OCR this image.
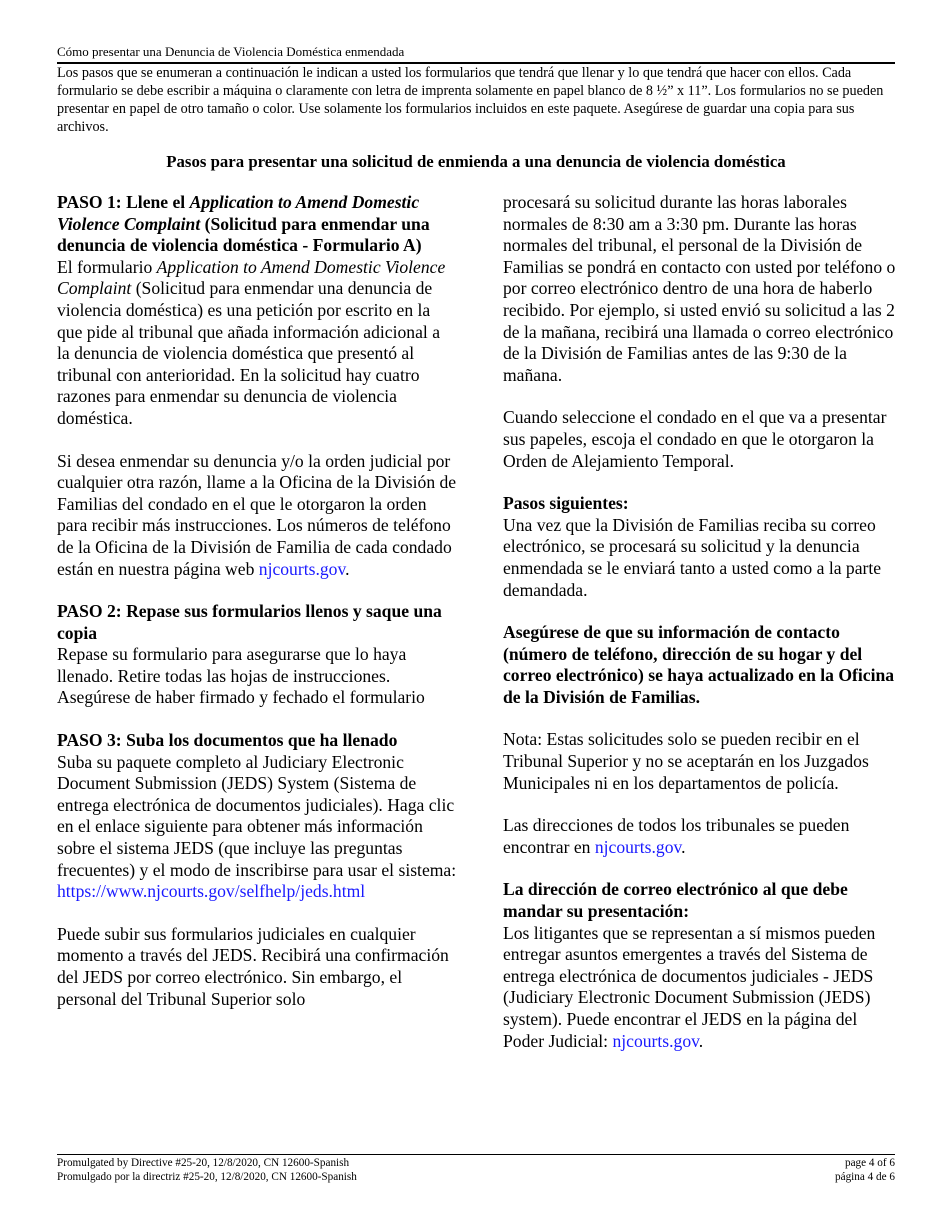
Cómo presentar una Denuncia de Violencia Doméstica enmendada
Los pasos que se enumeran a continuación le indican a usted los formularios que tendrá que llenar y lo que tendrá que hacer con ellos. Cada formulario se debe escribir a máquina o claramente con letra de imprenta solamente en papel blanco de 8 ½” x 11”. Los formularios no se pueden presentar en papel de otro tamaño o color. Use solamente los formularios incluidos en este paquete. Asegúrese de guardar una copia para sus archivos.
Pasos para presentar una solicitud de enmienda a una denuncia de violencia doméstica

PASO 1: Llene el Application to Amend Domestic Violence Complaint (Solicitud para enmendar una denuncia de violencia doméstica - Formulario A)

El formulario Application to Amend Domestic Violence Complaint (Solicitud para enmendar una denuncia de violencia doméstica) es una petición por escrito en la que pide al tribunal que añada información adicional a la denuncia de violencia doméstica que presentó al tribunal con anterioridad. En la solicitud hay cuatro razones para enmendar su denuncia de violencia doméstica.

Si desea enmendar su denuncia y/o la orden judicial por cualquier otra razón, llame a la Oficina de la División de Familias del condado en el que le otorgaron la orden para recibir más instrucciones. Los números de teléfono de la Oficina de la División de Familia de cada condado están en nuestra página web njcourts.gov.

PASO 2: Repase sus formularios llenos y saque una copia

Repase su formulario para asegurarse que lo haya llenado. Retire todas las hojas de instrucciones. Asegúrese de haber firmado y fechado el formulario

PASO 3: Suba los documentos que ha llenado

Suba su paquete completo al Judiciary Electronic Document Submission (JEDS) System (Sistema de entrega electrónica de documentos judiciales). Haga clic en el enlace siguiente para obtener más información sobre el sistema JEDS (que incluye las preguntas frecuentes) y el modo de inscribirse para usar el sistema:

https://www.njcourts.gov/selfhelp/jeds.html

Puede subir sus formularios judiciales en cualquier momento a través del JEDS. Recibirá una confirmación del JEDS por correo electrónico. Sin embargo, el personal del Tribunal Superior solo

procesará su solicitud durante las horas laborales normales de 8:30 am a 3:30 pm. Durante las horas normales del tribunal, el personal de la División de Familias se pondrá en contacto con usted por teléfono o por correo electrónico dentro de una hora de haberlo recibido. Por ejemplo, si usted envió su solicitud a las 2 de la mañana, recibirá una llamada o correo electrónico de la División de Familias antes de las 9:30 de la mañana.

Cuando seleccione el condado en el que va a presentar sus papeles, escoja el condado en que le otorgaron la Orden de Alejamiento Temporal.

Pasos siguientes:

Una vez que la División de Familias reciba su correo electrónico, se procesará su solicitud y la denuncia enmendada se le enviará tanto a usted como a la parte demandada.

Asegúrese de que su información de contacto (número de teléfono, dirección de su hogar y del correo electrónico) se haya actualizado en la Oficina de la División de Familias.

Nota: Estas solicitudes solo se pueden recibir en el Tribunal Superior y no se aceptarán en los Juzgados Municipales ni en los departamentos de policía.

Las direcciones de todos los tribunales se pueden encontrar en njcourts.gov.

La dirección de correo electrónico al que debe mandar su presentación:

Los litigantes que se representan a sí mismos pueden entregar asuntos emergentes a través del Sistema de entrega electrónica de documentos judiciales - JEDS (Judiciary Electronic Document Submission (JEDS) system). Puede encontrar el JEDS en la página del Poder Judicial: njcourts.gov.

Promulgated by Directive #25-20, 12/8/2020, CN 12600-Spanish
Promulgado por la directriz #25-20, 12/8/2020, CN 12600-Spanish
page 4 of 6
página 4 de 6
